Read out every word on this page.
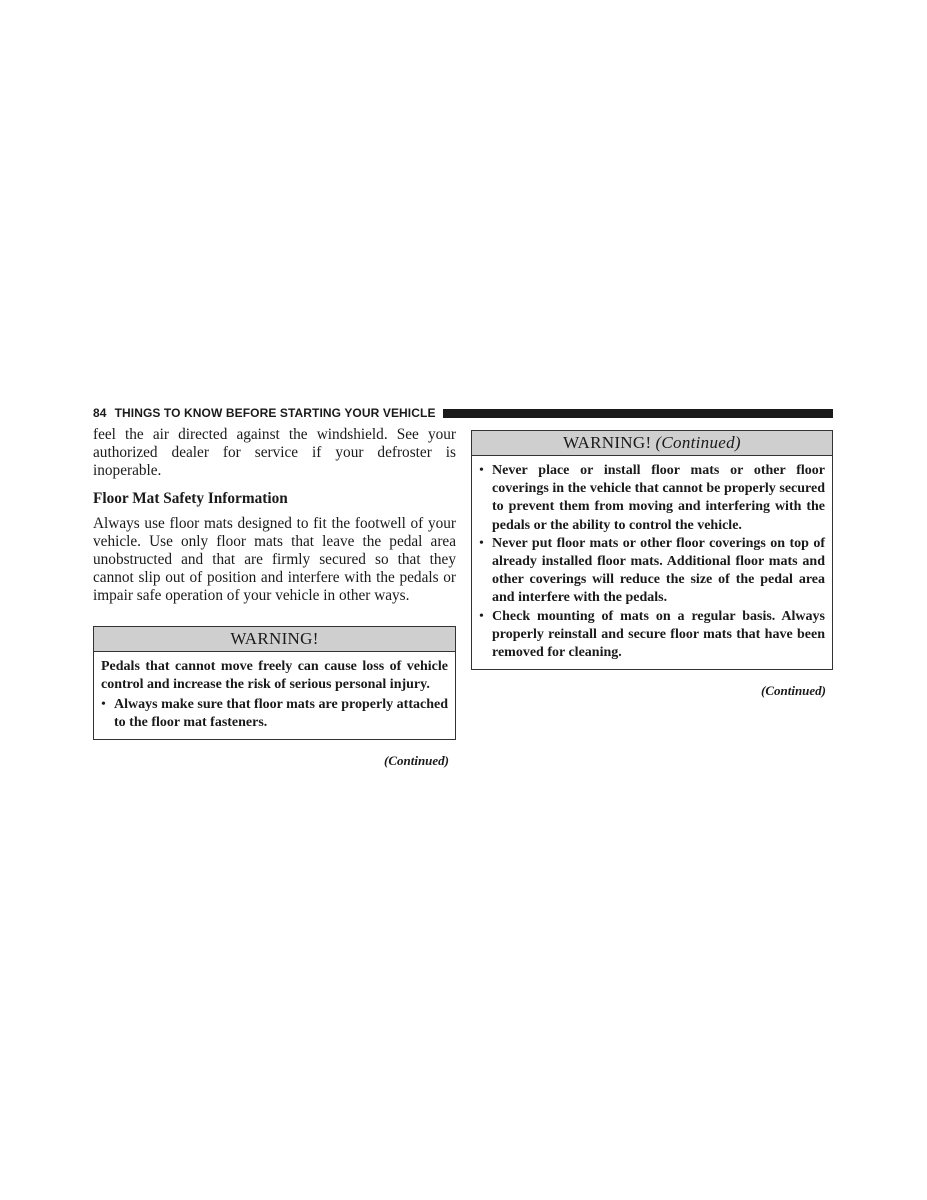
84 THINGS TO KNOW BEFORE STARTING YOUR VEHICLE

feel the air directed against the windshield. See your authorized dealer for service if your defroster is inoperable.

Floor Mat Safety Information

Always use floor mats designed to fit the footwell of your vehicle. Use only floor mats that leave the pedal area unobstructed and that are firmly secured so that they cannot slip out of position and interfere with the pedals or impair safe operation of your vehicle in other ways.

WARNING!

Pedals that cannot move freely can cause loss of vehicle control and increase the risk of serious personal injury.

• Always make sure that floor mats are properly attached to the floor mat fasteners.
(Continued)
WARNING! (Continued)
• Never place or install floor mats or other floor coverings in the vehicle that cannot be properly secured to prevent them from moving and interfering with the pedals or the ability to control the vehicle.
• Never put floor mats or other floor coverings on top of already installed floor mats. Additional floor mats and other coverings will reduce the size of the pedal area and interfere with the pedals.
• Check mounting of mats on a regular basis. Always properly reinstall and secure floor mats that have been removed for cleaning.
(Continued)
